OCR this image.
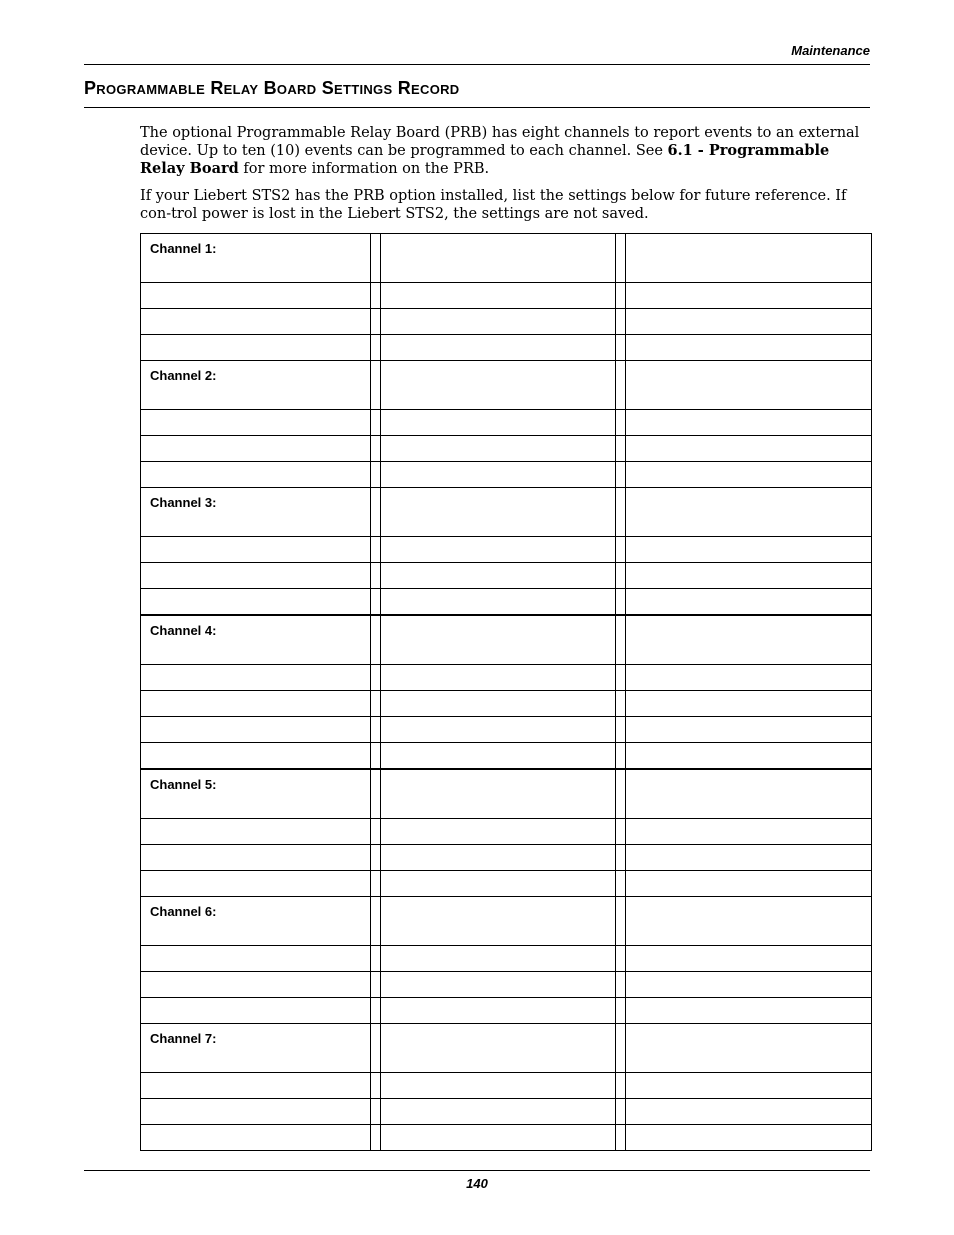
Maintenance
Programmable Relay Board Settings Record

The optional Programmable Relay Board (PRB) has eight channels to report events to an external device. Up to ten (10) events can be programmed to each channel. See 6.1 - Programmable Relay Board for more information on the PRB.

If your Liebert STS2 has the PRB option installed, list the settings below for future reference. If con-trol power is lost in the Liebert STS2, the settings are not saved.

Channel 1:				

Channel 2:				

Channel 3:				

Channel 4:				

Channel 5:				

Channel 6:				

Channel 7:				

140
